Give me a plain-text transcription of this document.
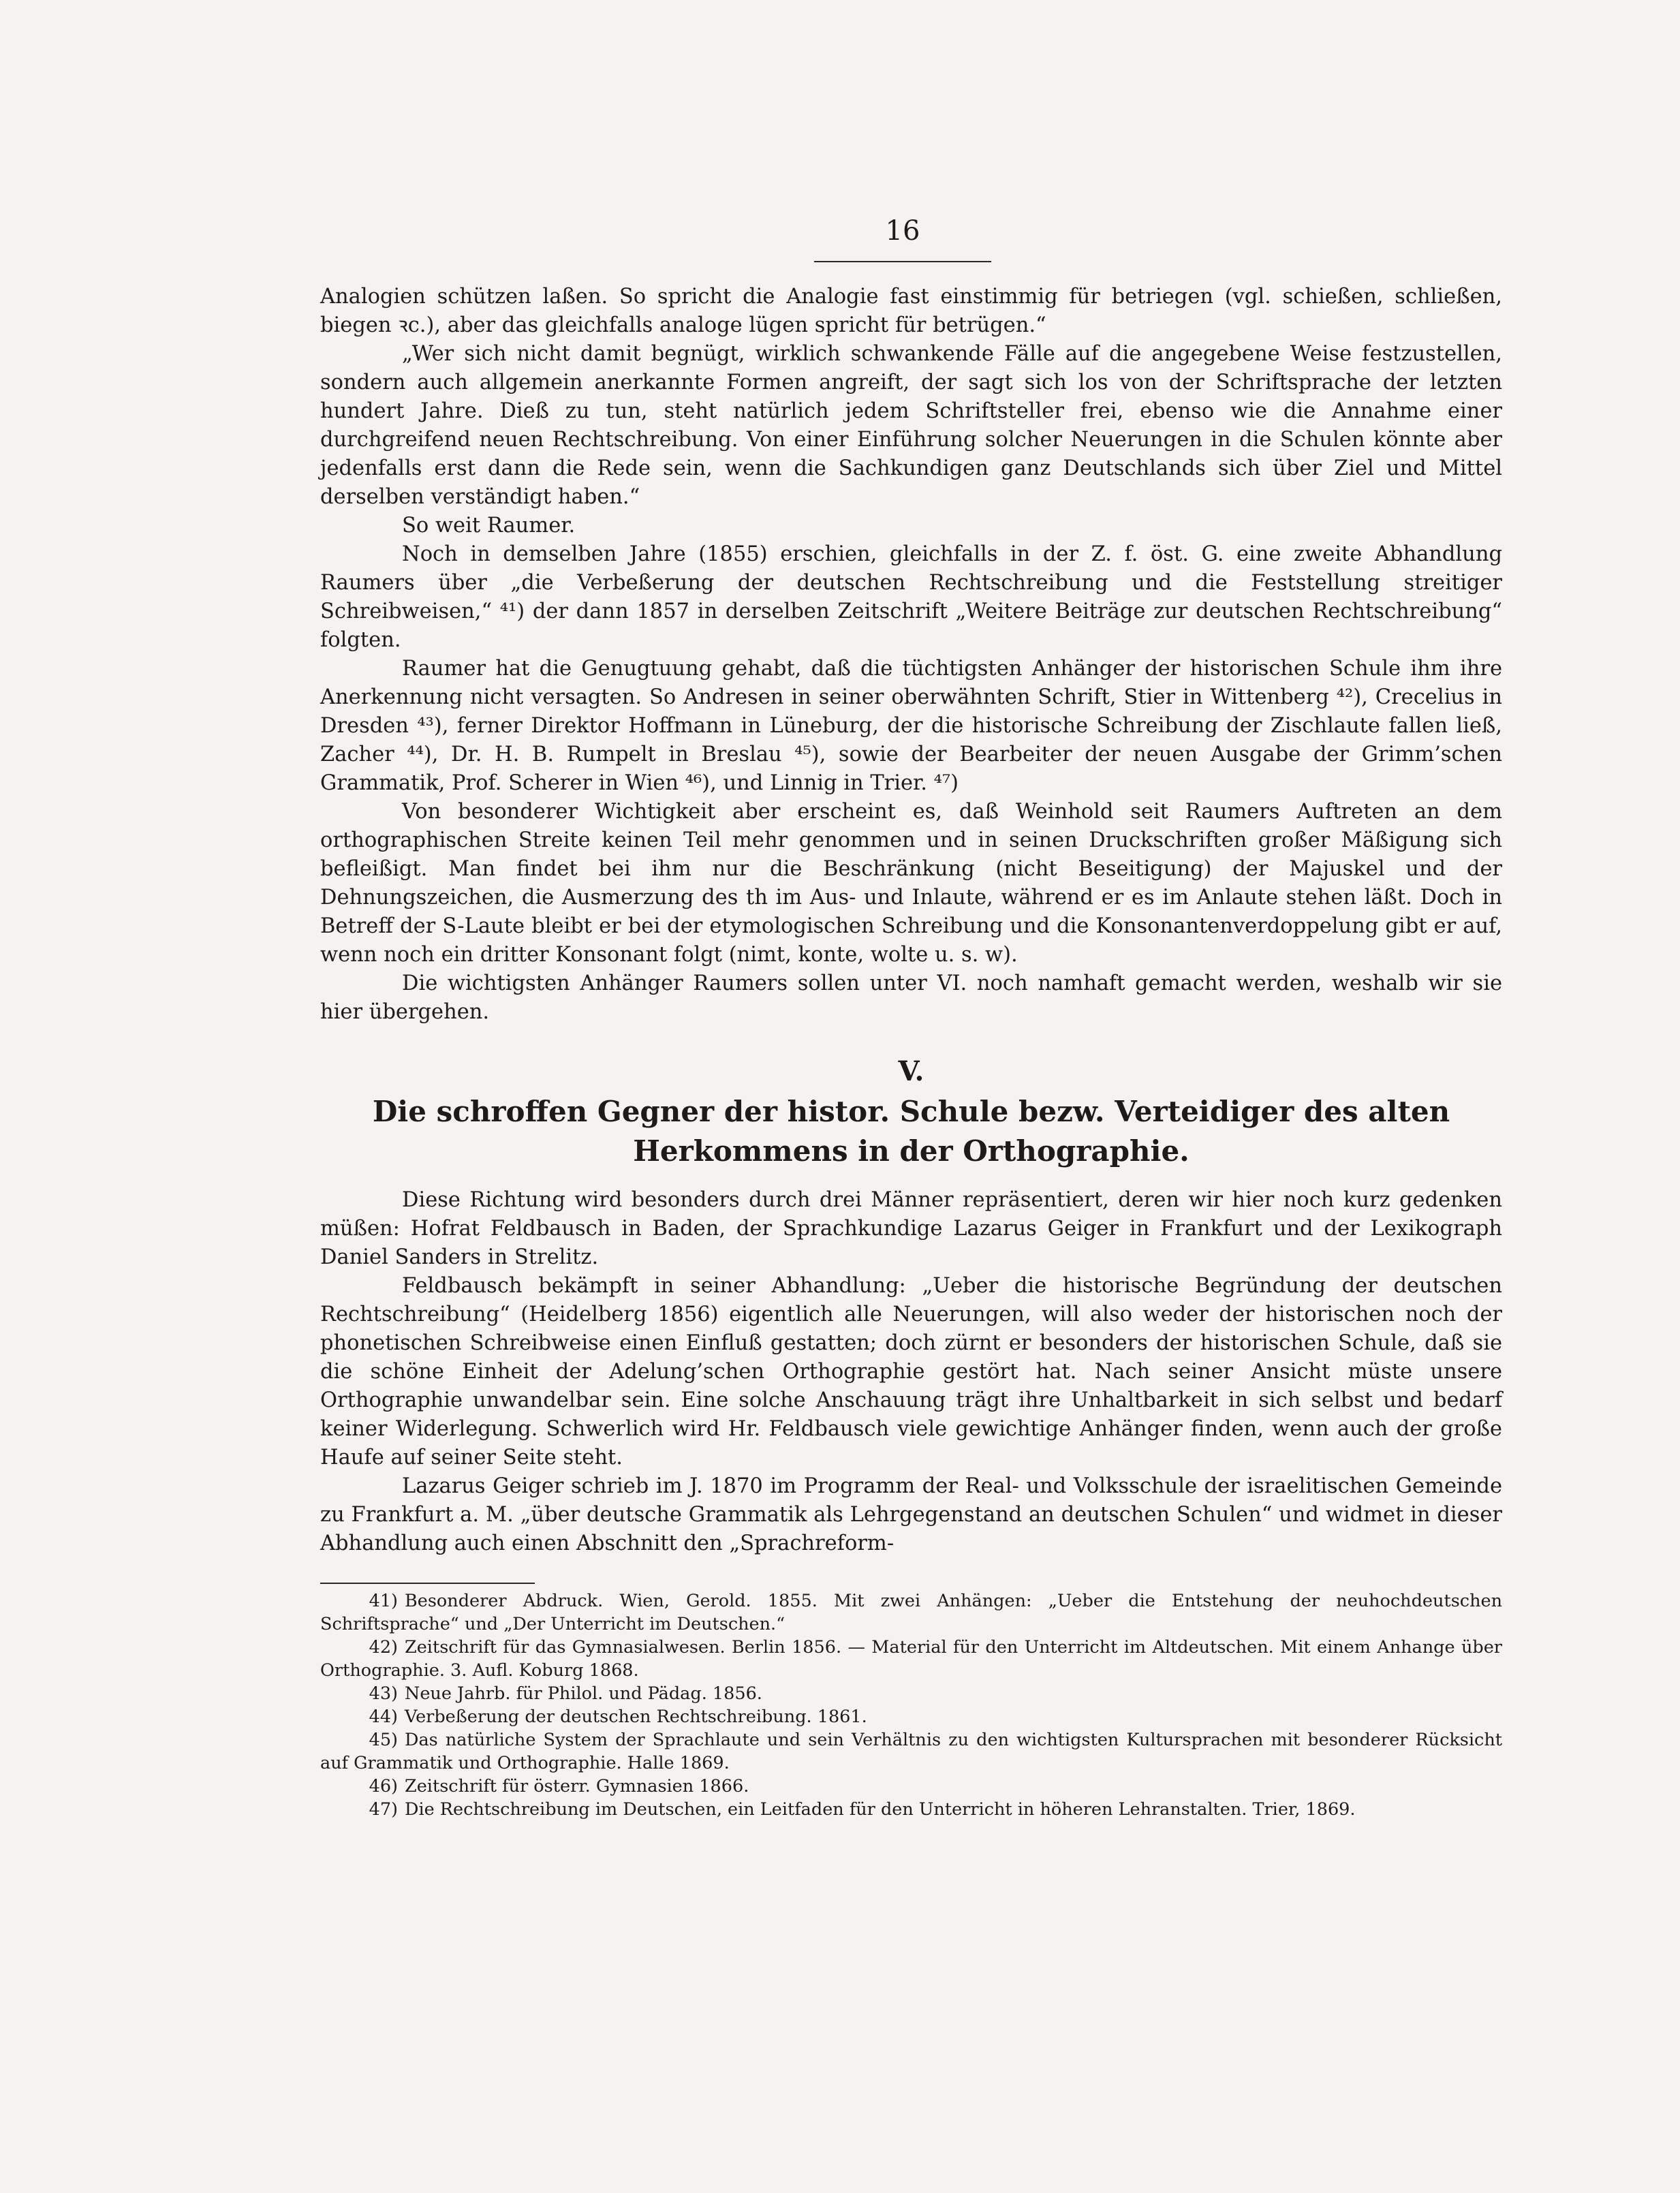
16

Analogien schützen laßen. So spricht die Analogie fast einstimmig für betriegen (vgl. schießen, schließen, biegen ꝛc.), aber das gleichfalls analoge lügen spricht für betrügen.“

„Wer sich nicht damit begnügt, wirklich schwankende Fälle auf die angegebene Weise festzustellen, sondern auch allgemein anerkannte Formen angreift, der sagt sich los von der Schriftsprache der letzten hundert Jahre. Dieß zu tun, steht natürlich jedem Schriftsteller frei, ebenso wie die Annahme einer durchgreifend neuen Rechtschreibung. Von einer Einführung solcher Neuerungen in die Schulen könnte aber jedenfalls erst dann die Rede sein, wenn die Sachkundigen ganz Deutschlands sich über Ziel und Mittel derselben verständigt haben.“

So weit Raumer.

Noch in demselben Jahre (1855) erschien, gleichfalls in der Z. f. öst. G. eine zweite Abhandlung Raumers über „die Verbeßerung der deutschen Rechtschreibung und die Feststellung streitiger Schreibweisen,“ ⁴¹) der dann 1857 in derselben Zeitschrift „Weitere Beiträge zur deutschen Rechtschreibung“ folgten.

Raumer hat die Genugtuung gehabt, daß die tüchtigsten Anhänger der historischen Schule ihm ihre Anerkennung nicht versagten. So Andresen in seiner oberwähnten Schrift, Stier in Wittenberg ⁴²), Crecelius in Dresden ⁴³), ferner Direktor Hoffmann in Lüneburg, der die historische Schreibung der Zischlaute fallen ließ, Zacher ⁴⁴), Dr. H. B. Rumpelt in Breslau ⁴⁵), sowie der Bearbeiter der neuen Ausgabe der Grimm’schen Grammatik, Prof. Scherer in Wien ⁴⁶), und Linnig in Trier. ⁴⁷)

Von besonderer Wichtigkeit aber erscheint es, daß Weinhold seit Raumers Auftreten an dem orthographischen Streite keinen Teil mehr genommen und in seinen Druckschriften großer Mäßigung sich befleißigt. Man findet bei ihm nur die Beschränkung (nicht Beseitigung) der Majuskel und der Dehnungszeichen, die Ausmerzung des th im Aus- und Inlaute, während er es im Anlaute stehen läßt. Doch in Betreff der S-Laute bleibt er bei der etymologischen Schreibung und die Konsonantenverdoppelung gibt er auf, wenn noch ein dritter Konsonant folgt (nimt, konte, wolte u. s. w).

Die wichtigsten Anhänger Raumers sollen unter VI. noch namhaft gemacht werden, weshalb wir sie hier übergehen.

V.
Die schroffen Gegner der histor. Schule bezw. Verteidiger des alten Herkommens in der Orthographie.

Diese Richtung wird besonders durch drei Männer repräsentiert, deren wir hier noch kurz gedenken müßen: Hofrat Feldbausch in Baden, der Sprachkundige Lazarus Geiger in Frankfurt und der Lexikograph Daniel Sanders in Strelitz.

Feldbausch bekämpft in seiner Abhandlung: „Ueber die historische Begründung der deutschen Rechtschreibung“ (Heidelberg 1856) eigentlich alle Neuerungen, will also weder der historischen noch der phonetischen Schreibweise einen Einfluß gestatten; doch zürnt er besonders der historischen Schule, daß sie die schöne Einheit der Adelung’schen Orthographie gestört hat. Nach seiner Ansicht müste unsere Orthographie unwandelbar sein. Eine solche Anschauung trägt ihre Unhaltbarkeit in sich selbst und bedarf keiner Widerlegung. Schwerlich wird Hr. Feldbausch viele gewichtige Anhänger finden, wenn auch der große Haufe auf seiner Seite steht.

Lazarus Geiger schrieb im J. 1870 im Programm der Real- und Volksschule der israelitischen Gemeinde zu Frankfurt a. M. „über deutsche Grammatik als Lehrgegenstand an deutschen Schulen“ und widmet in dieser Abhandlung auch einen Abschnitt den „Sprachreform-

41) Besonderer Abdruck. Wien, Gerold. 1855. Mit zwei Anhängen: „Ueber die Entstehung der neuhochdeutschen Schriftsprache“ und „Der Unterricht im Deutschen.“

42) Zeitschrift für das Gymnasialwesen. Berlin 1856. — Material für den Unterricht im Altdeutschen. Mit einem Anhange über Orthographie. 3. Aufl. Koburg 1868.

43) Neue Jahrb. für Philol. und Pädag. 1856.

44) Verbeßerung der deutschen Rechtschreibung. 1861.

45) Das natürliche System der Sprachlaute und sein Verhältnis zu den wichtigsten Kultursprachen mit besonderer Rücksicht auf Grammatik und Orthographie. Halle 1869.

46) Zeitschrift für österr. Gymnasien 1866.

47) Die Rechtschreibung im Deutschen, ein Leitfaden für den Unterricht in höheren Lehranstalten. Trier, 1869.
